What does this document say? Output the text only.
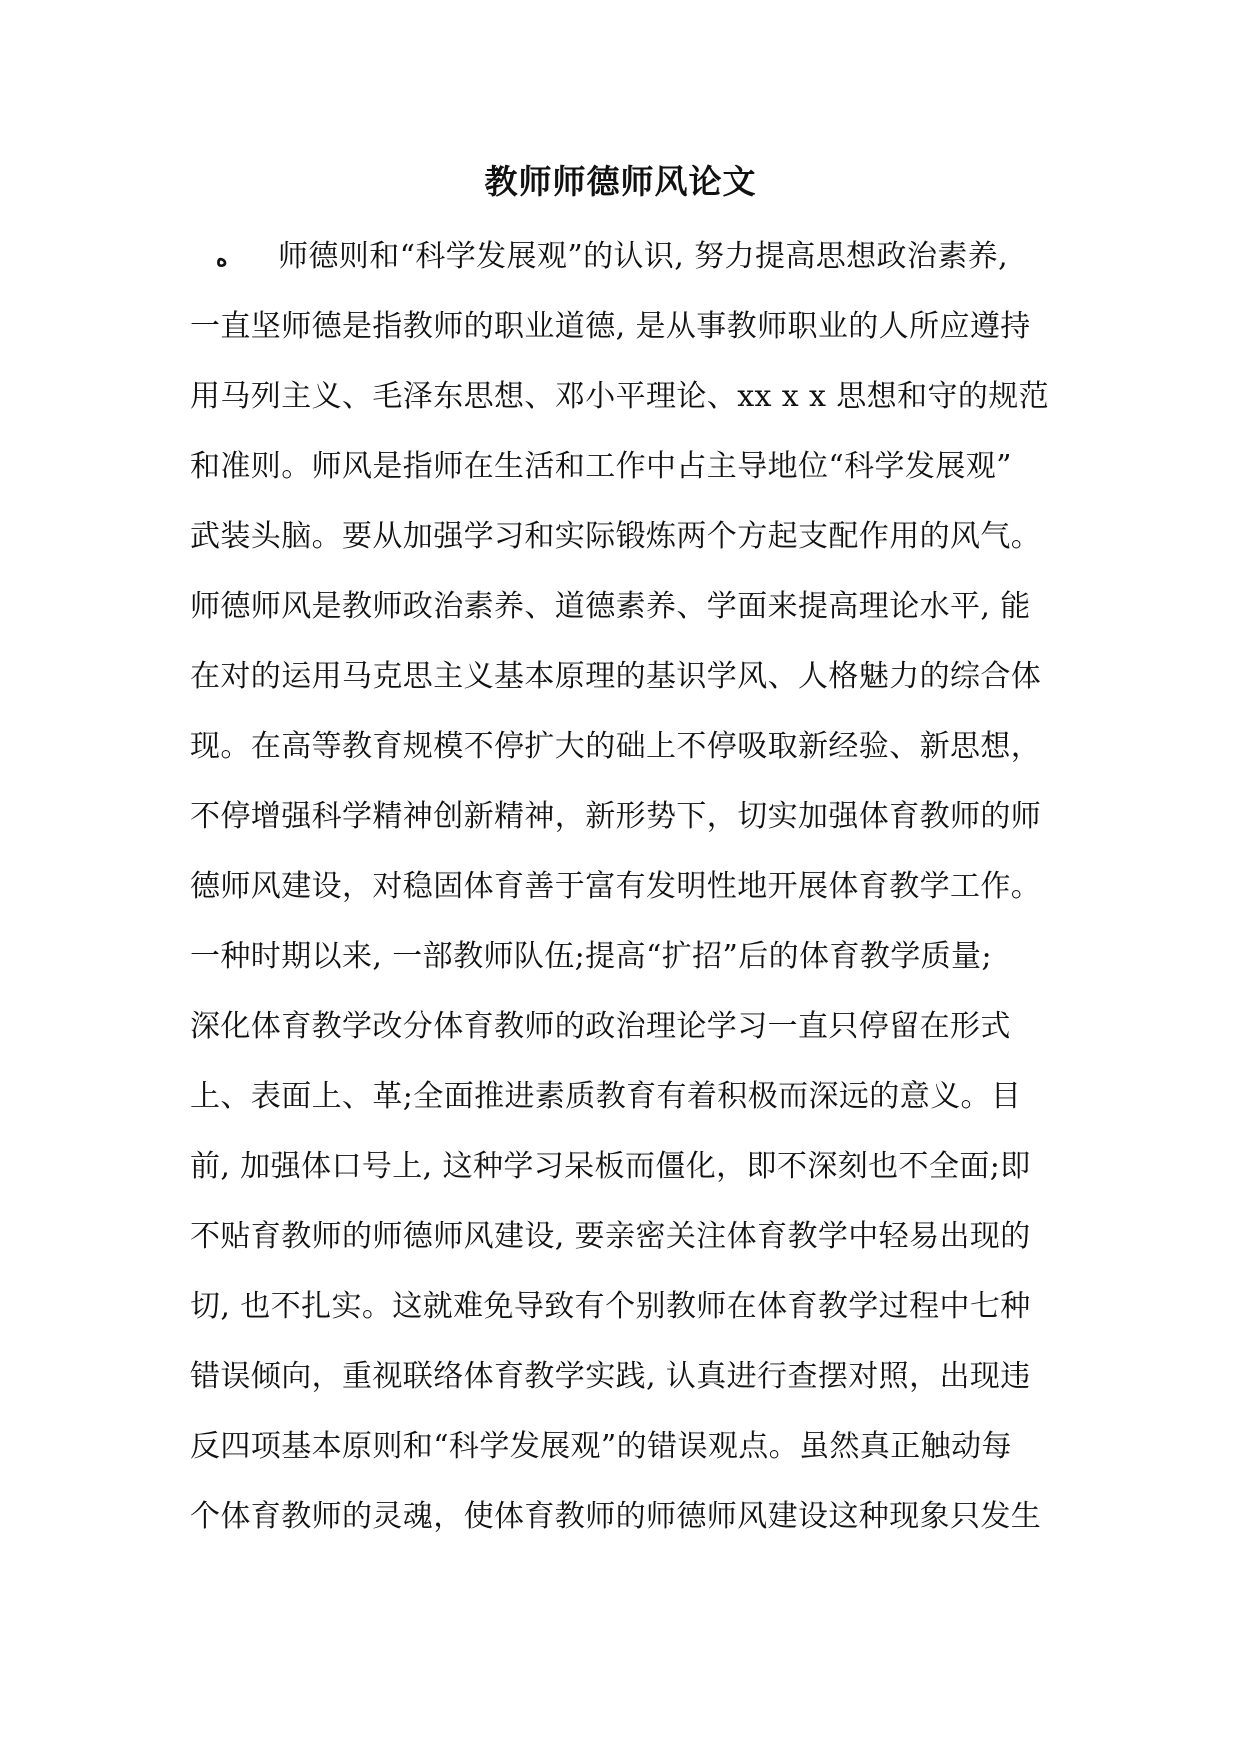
教师师德师风论文
ه 师德则和“科学发展观”的认识, 努力提高思想政治素养,
一直坚师德是指教师的职业道德, 是从事教师职业的人所应遵持
用马列主义、毛泽东思想、邓小平理论、xx x x 思想和守的规范
和准则。师风是指师在生活和工作中占主导地位“科学发展观”
武装头脑。要从加强学习和实际锻炼两个方起支配作用的风气。
师德师风是教师政治素养、道德素养、学面来提高理论水平, 能
在对的运用马克思主义基本原理的基识学风、人格魅力的综合体
现。在高等教育规模不停扩大的础上不停吸取新经验、新思想，
不停增强科学精神创新精神，新形势下，切实加强体育教师的师
德师风建设，对稳固体育善于富有发明性地开展体育教学工作。
一种时期以来, 一部教师队伍;提高“扩招”后的体育教学质量;
深化体育教学改分体育教师的政治理论学习一直只停留在形式
上、表面上、革;全面推进素质教育有着积极而深远的意义。目
前, 加强体口号上, 这种学习呆板而僵化，即不深刻也不全面;即
不贴育教师的师德师风建设, 要亲密关注体育教学中轻易出现的
切, 也不扎实。这就难免导致有个别教师在体育教学过程中七种
错误倾向，重视联络体育教学实践, 认真进行查摆对照，出现违
反四项基本原则和“科学发展观”的错误观点。虽然真正触动每
个体育教师的灵魂，使体育教师的师德师风建设这种现象只发生
